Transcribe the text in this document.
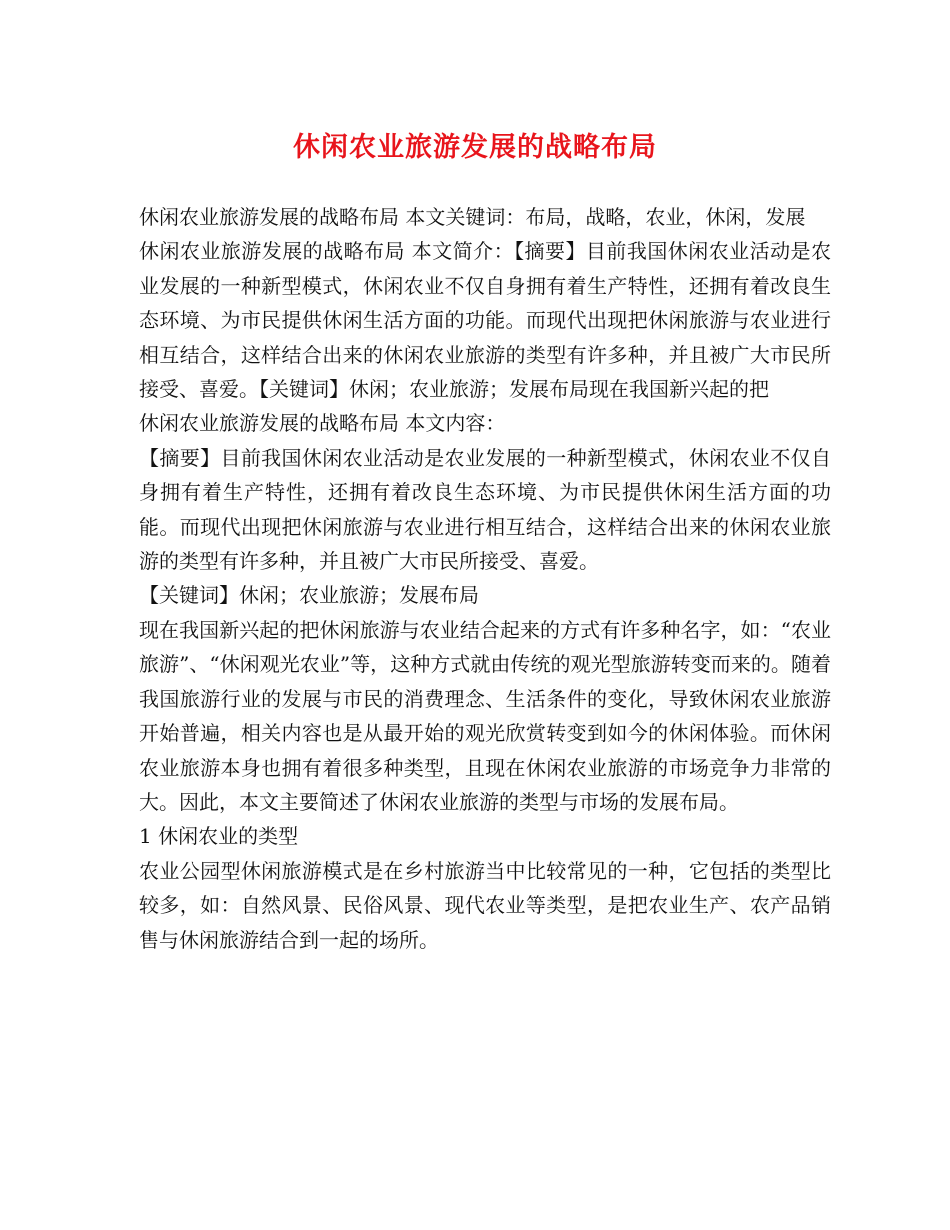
休闲农业旅游发展的战略布局

休闲农业旅游发展的战略布局 本文关键词：布局，战略，农业，休闲，发展

休闲农业旅游发展的战略布局 本文简介：【摘要】目前我国休闲农业活动是农业发展的一种新型模式，休闲农业不仅自身拥有着生产特性，还拥有着改良生态环境、为市民提供休闲生活方面的功能。而现代出现把休闲旅游与农业进行相互结合，这样结合出来的休闲农业旅游的类型有许多种，并且被广大市民所接受、喜爱。【关键词】休闲；农业旅游；发展布局现在我国新兴起的把

休闲农业旅游发展的战略布局 本文内容：

【摘要】目前我国休闲农业活动是农业发展的一种新型模式，休闲农业不仅自身拥有着生产特性，还拥有着改良生态环境、为市民提供休闲生活方面的功能。而现代出现把休闲旅游与农业进行相互结合，这样结合出来的休闲农业旅游的类型有许多种，并且被广大市民所接受、喜爱。

【关键词】休闲；农业旅游；发展布局

现在我国新兴起的把休闲旅游与农业结合起来的方式有许多种名字，如：“农业旅游”、“休闲观光农业”等，这种方式就由传统的观光型旅游转变而来的。随着我国旅游行业的发展与市民的消费理念、生活条件的变化，导致休闲农业旅游开始普遍，相关内容也是从最开始的观光欣赏转变到如今的休闲体验。而休闲农业旅游本身也拥有着很多种类型，且现在休闲农业旅游的市场竞争力非常的大。因此，本文主要简述了休闲农业旅游的类型与市场的发展布局。

1 休闲农业的类型

农业公园型休闲旅游模式是在乡村旅游当中比较常见的一种，它包括的类型比较多，如：自然风景、民俗风景、现代农业等类型，是把农业生产、农产品销售与休闲旅游结合到一起的场所。
